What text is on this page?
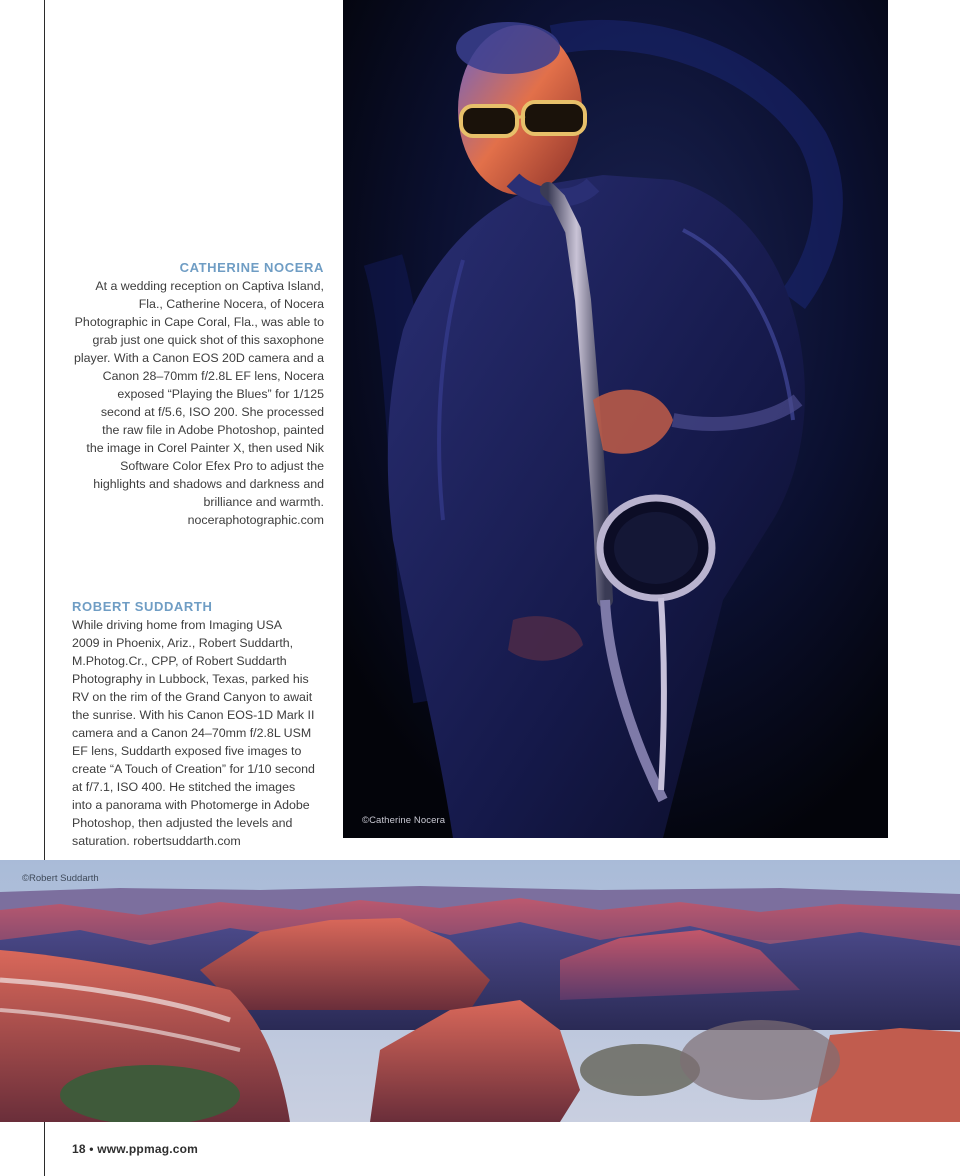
©Catherine Nocera

CATHERINE NOCERA

At a wedding reception on Captiva Island,
Fla., Catherine Nocera, of Nocera
Photographic in Cape Coral, Fla., was able to
grab just one quick shot of this saxophone
player. With a Canon EOS 20D camera and a
Canon 28–70mm f/2.8L EF lens, Nocera
exposed “Playing the Blues” for 1/125
second at f/5.6, ISO 200. She processed
the raw file in Adobe Photoshop, painted
the image in Corel Painter X, then used Nik
Software Color Efex Pro to adjust the
highlights and shadows and darkness and
brilliance and warmth.
noceraphotographic.com

ROBERT SUDDARTH

While driving home from Imaging USA
2009 in Phoenix, Ariz., Robert Suddarth,
M.Photog.Cr., CPP, of Robert Suddarth
Photography in Lubbock, Texas, parked his
RV on the rim of the Grand Canyon to await
the sunrise. With his Canon EOS-1D Mark II
camera and a Canon 24–70mm f/2.8L USM
EF lens, Suddarth exposed five images to
create “A Touch of Creation” for 1/10 second
at f/7.1, ISO 400. He stitched the images
into a panorama with Photomerge in Adobe
Photoshop, then adjusted the levels and
saturation. robertsuddarth.com

©Robert Suddarth
18 • www.ppmag.com
